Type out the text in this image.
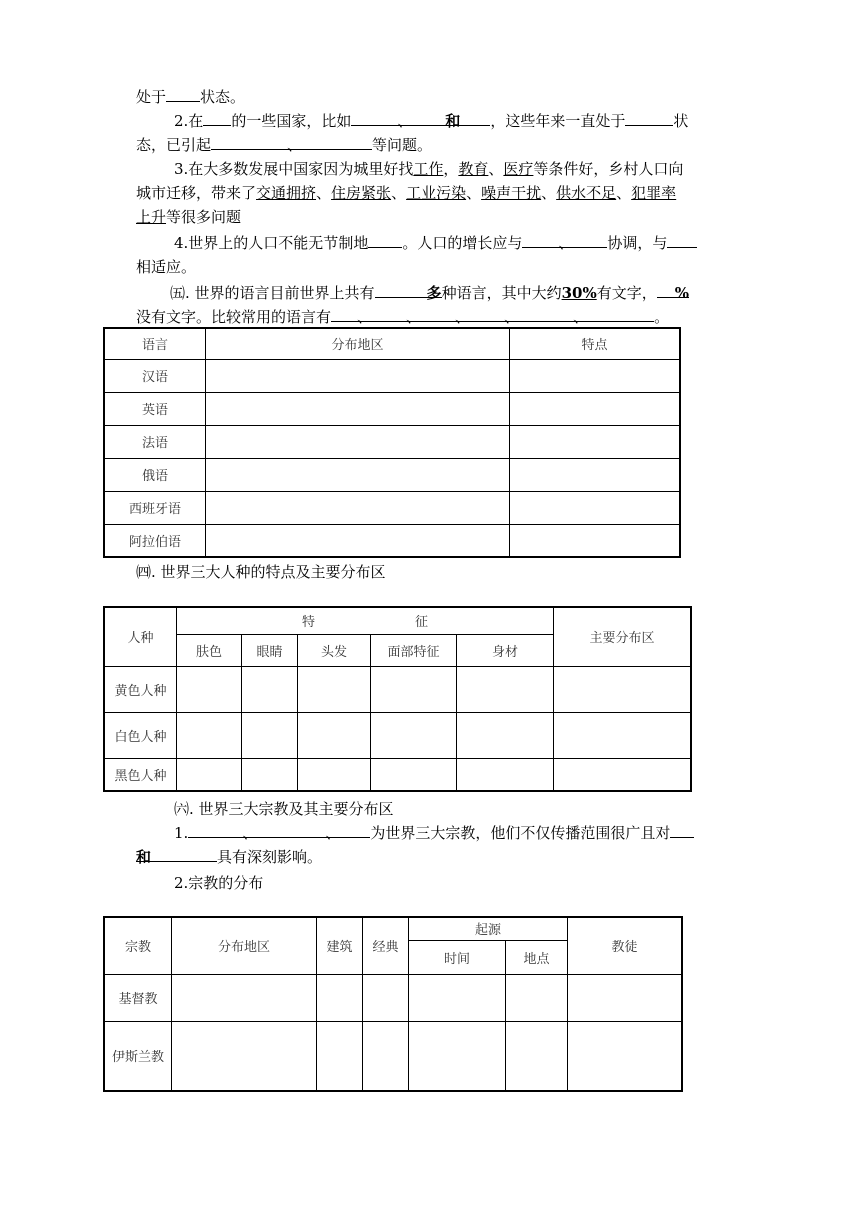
处于 状态。
2.在 的一些国家，比如	、 和 ，这些年来一直处于	状
态，已引起	、	等问题。
3.在大多数发展中国家因为城里好找工作，教育、医疗等条件好，乡村人口向
城市迁移，带来了交通拥挤、住房紧张、工业污染、噪声干扰、供水不足、犯罪率
上升等很多问题
4.世界上的人口不能无节制地 。人口的增长应与 、 协调，与
相适应。
㈤. 世界的语言目前世界上共有	多种语言，其中大约30%有文字， %
没有文字。比较常用的语言有 、 、 、 、	、	。
语言	分布地区	特点
汉语		
英语		
法语		
俄语		
西班牙语		
阿拉伯语		
㈣. 世界三大人种的特点及主要分布区
人种	特 征					主要分布区
	肤色	眼睛	头发	面部特征	身材	
黄色人种						
白色人种						
黑色人种						
㈥. 世界三大宗教及其主要分布区
1.	、	、 为世界三大宗教，他们不仅传播范围很广且对
和	具有深刻影响。
2.宗教的分布
宗教	分布地区	建筑	经典	起源		教徒
				时间	地点	
基督教						
伊斯兰教						
